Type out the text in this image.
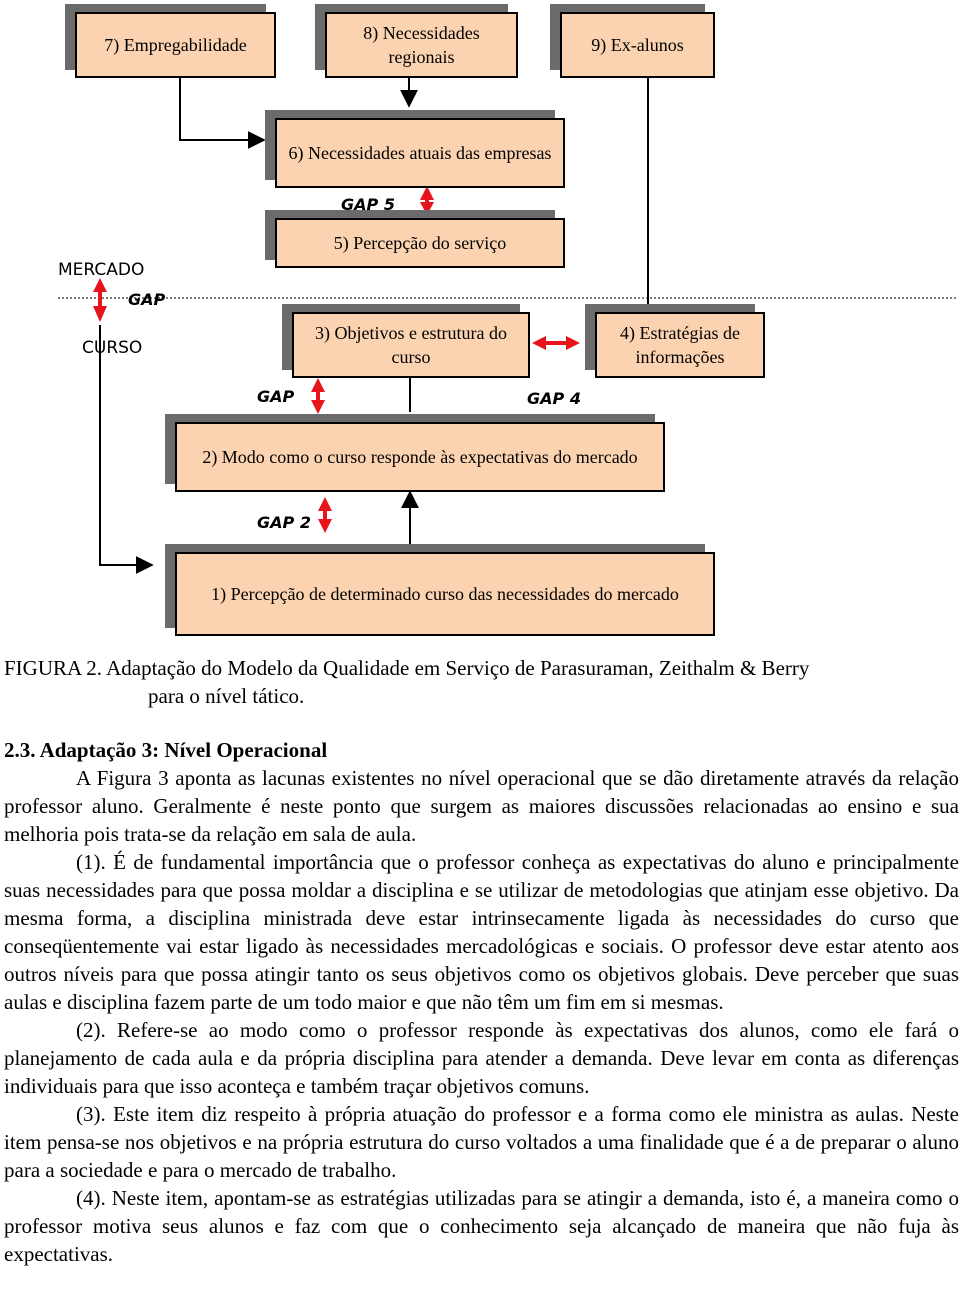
7) Empregabilidade
8) Necessidades regionais
9) Ex-alunos
6) Necessidades atuais das empresas
5) Percepção do serviço
3) Objetivos e estrutura do curso
4) Estratégias de informações
2) Modo como o curso responde às expectativas do mercado
1) Percepção de determinado curso das necessidades do mercado
MERCADO
CURSO
GAP 5
GAP
GAP	GAP 4
GAP 2

FIGURA 2. Adaptação do Modelo da Qualidade em Serviço de Parasuraman, Zeithalm & Berry

para o nível tático.

2.3. Adaptação 3: Nível Operacional

A Figura 3 aponta as lacunas existentes no nível operacional que se dão diretamente através da relação professor aluno. Geralmente é neste ponto que surgem as maiores discussões relacionadas ao ensino e sua melhoria pois trata-se da relação em sala de aula.

(1). É de fundamental importância que o professor conheça as expectativas do aluno e principalmente suas necessidades para que possa moldar a disciplina e se utilizar de metodologias que atinjam esse objetivo. Da mesma forma, a disciplina ministrada deve estar intrinsecamente ligada às necessidades do curso que conseqüentemente vai estar ligado às necessidades mercadológicas e sociais. O professor deve estar atento aos outros níveis para que possa atingir tanto os seus objetivos como os objetivos globais. Deve perceber que suas aulas e disciplina fazem parte de um todo maior e que não têm um fim em si mesmas.

(2). Refere-se ao modo como o professor responde às expectativas dos alunos, como ele fará o planejamento de cada aula e da própria disciplina para atender a demanda. Deve levar em conta as diferenças individuais para que isso aconteça e também traçar objetivos comuns.

(3). Este item diz respeito à própria atuação do professor e a forma como ele ministra as aulas. Neste item pensa-se nos objetivos e na própria estrutura do curso voltados a uma finalidade que é a de preparar o aluno para a sociedade e para o mercado de trabalho.

(4). Neste item, apontam-se as estratégias utilizadas para se atingir a demanda, isto é, a maneira como o professor motiva seus alunos e faz com que o conhecimento seja alcançado de maneira que não fuja às expectativas.
